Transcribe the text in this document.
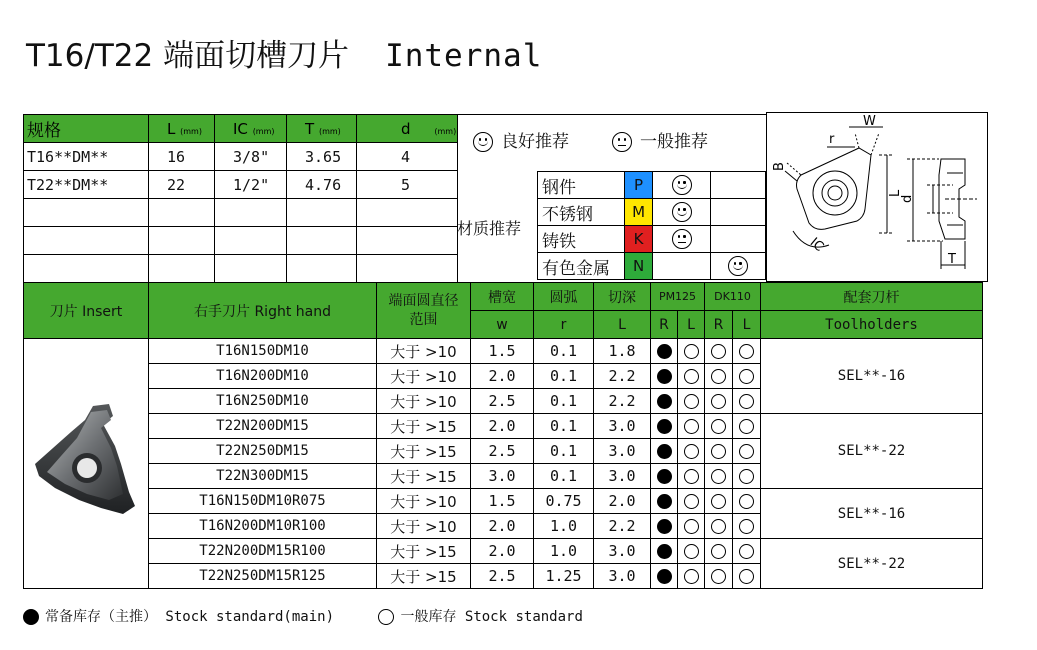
T16/T22 端面切槽刀片 Internal
规格	L (mm)	IC (mm)	T (mm)	d (mm)
T16**DM**	16	3/8"	3.65	4
T22**DM**	22	1/2"	4.76	5

良好推荐	一般推荐
材质推荐
钢件	P	

不锈钢	M	

铸铁	K	

有色金属	N		
W
r
B
IC
L
d
T
刀片 Insert	右手刀片 Right hand	端面圆直径范围	槽宽	圆弧	切深	PM125		DK110		配套刀杆
			w	r	L	R	L	R	L	Toolholders
	T16N150DM10	大于 >10	1.5	0.1	1.8					SEL**-16
	T16N200DM10	大于 >10	2.0	0.1	2.2					
	T16N250DM10	大于 >10	2.5	0.1	2.2					
	T22N200DM15	大于 >15	2.0	0.1	3.0					SEL**-22
	T22N250DM15	大于 >15	2.5	0.1	3.0					
	T22N300DM15	大于 >15	3.0	0.1	3.0					
	T16N150DM10R075	大于 >10	1.5	0.75	2.0					SEL**-16
	T16N200DM10R100	大于 >10	2.0	1.0	2.2					
	T22N200DM15R100	大于 >15	2.0	1.0	3.0					SEL**-22
	T22N250DM15R125	大于 >15	2.5	1.25	3.0					
常备库存（主推） Stock standard(main)	一般库存 Stock standard
